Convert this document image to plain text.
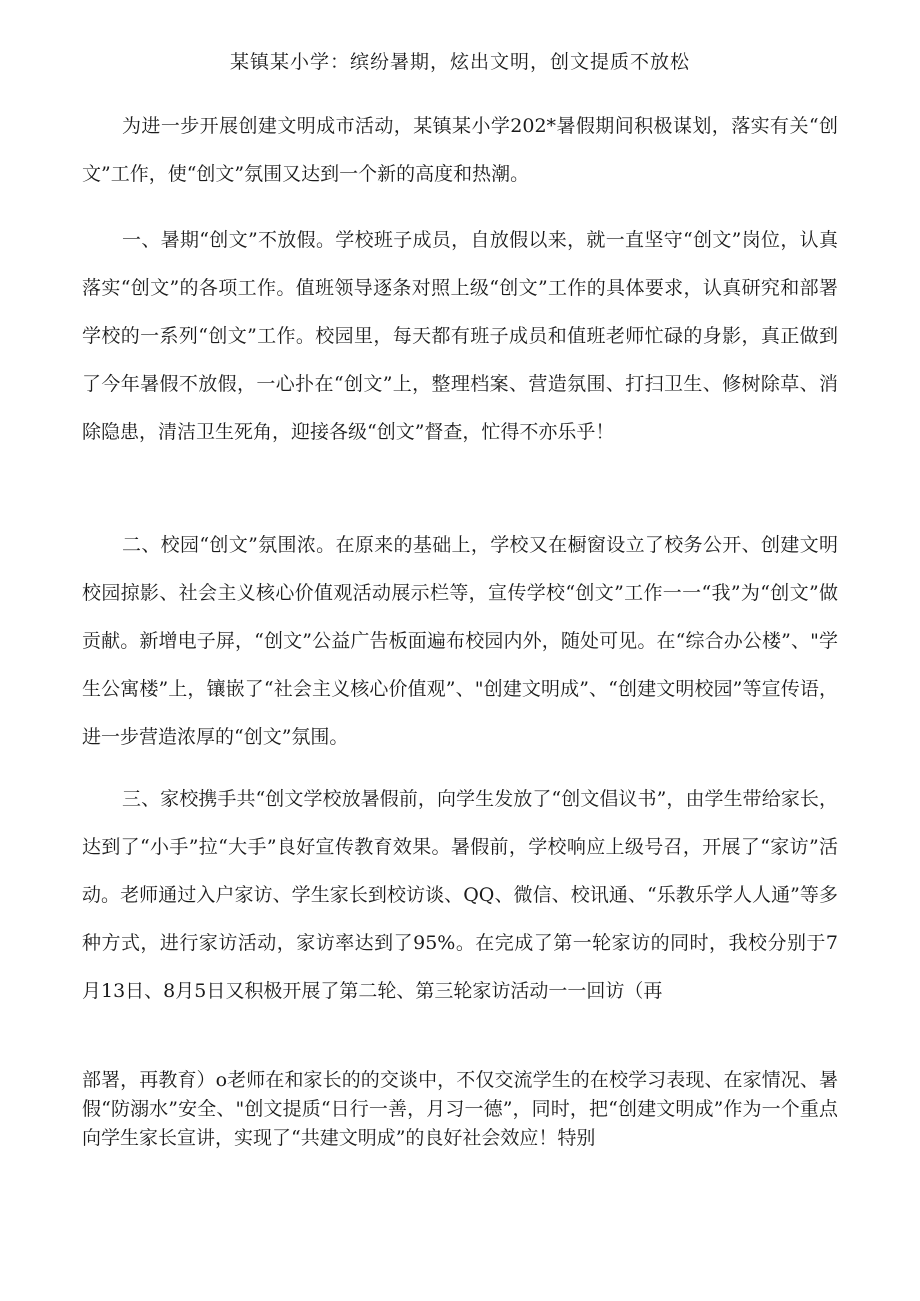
某镇某小学：缤纷暑期，炫出文明，创文提质不放松

为进一步开展创建文明成市活动，某镇某小学202*暑假期间积极谋划，落实有关“创文”工作，使“创文”氛围又达到一个新的高度和热潮。

一、暑期“创文”不放假。学校班子成员，自放假以来，就一直坚守“创文”岗位，认真落实“创文”的各项工作。值班领导逐条对照上级“创文”工作的具体要求，认真研究和部署学校的一系列“创文”工作。校园里，每天都有班子成员和值班老师忙碌的身影，真正做到了今年暑假不放假，一心扑在“创文”上，整理档案、营造氛围、打扫卫生、修树除草、消除隐患，清洁卫生死角，迎接各级“创文”督查，忙得不亦乐乎！

二、校园“创文”氛围浓。在原来的基础上，学校又在橱窗设立了校务公开、创建文明校园掠影、社会主义核心价值观活动展示栏等，宣传学校“创文”工作一一“我”为“创文”做贡献。新增电子屏，“创文”公益广告板面遍布校园内外，随处可见。在“综合办公楼”、"学生公寓楼”上，镶嵌了“社会主义核心价值观”、"创建文明成”、“创建文明校园”等宣传语，进一步营造浓厚的“创文”氛围。

三、家校携手共“创文学校放暑假前，向学生发放了“创文倡议书”，由学生带给家长，达到了“小手”拉“大手”良好宣传教育效果。暑假前，学校响应上级号召，开展了“家访”活动。老师通过入户家访、学生家长到校访谈、QQ、微信、校讯通、“乐教乐学人人通”等多种方式，进行家访活动，家访率达到了95%。在完成了第一轮家访的同时，我校分别于7月13日、8月5日又积极开展了第二轮、第三轮家访活动一一回访（再

部署，再教育）o老师在和家长的的交谈中，不仅交流学生的在校学习表现、在家情况、暑假“防溺水”安全、"创文提质“日行一善，月习一德”，同时，把“创建文明成”作为一个重点向学生家长宣讲，实现了“共建文明成”的良好社会效应！特别
